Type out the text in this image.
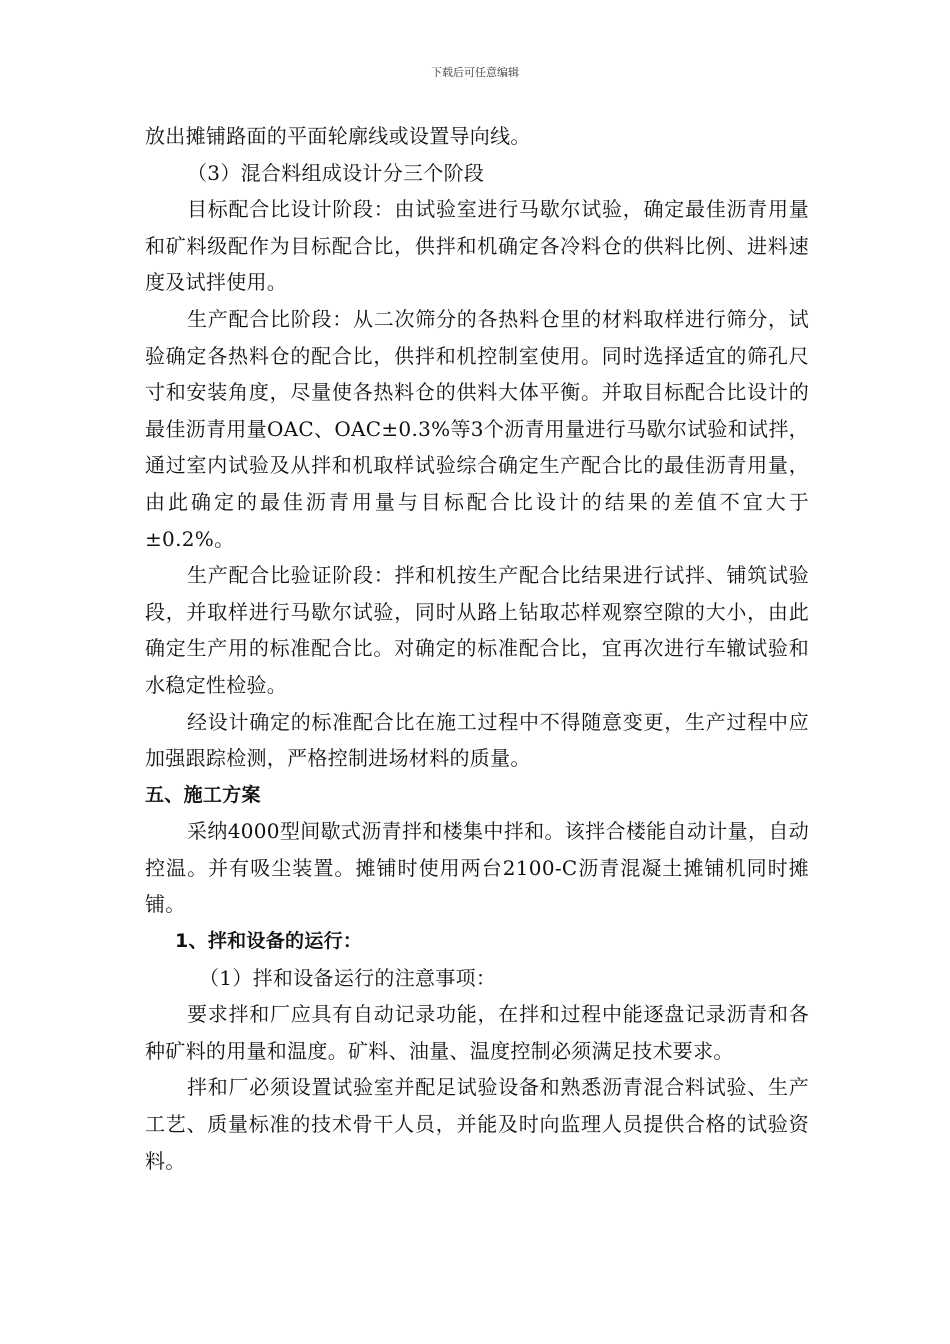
下载后可任意编辑

放出摊铺路面的平面轮廓线或设置导向线。

（3）混合料组成设计分三个阶段

目标配合比设计阶段：由试验室进行马歇尔试验，确定最佳沥青用量和矿料级配作为目标配合比，供拌和机确定各冷料仓的供料比例、进料速度及试拌使用。

生产配合比阶段：从二次筛分的各热料仓里的材料取样进行筛分，试验确定各热料仓的配合比，供拌和机控制室使用。同时选择适宜的筛孔尺寸和安装角度，尽量使各热料仓的供料大体平衡。并取目标配合比设计的最佳沥青用量OAC、OAC±0.3%等3个沥青用量进行马歇尔试验和试拌，通过室内试验及从拌和机取样试验综合确定生产配合比的最佳沥青用量，由此确定的最佳沥青用量与目标配合比设计的结果的差值不宜大于±0.2%。

生产配合比验证阶段：拌和机按生产配合比结果进行试拌、铺筑试验段，并取样进行马歇尔试验，同时从路上钻取芯样观察空隙的大小，由此确定生产用的标准配合比。对确定的标准配合比，宜再次进行车辙试验和水稳定性检验。

经设计确定的标准配合比在施工过程中不得随意变更，生产过程中应加强跟踪检测，严格控制进场材料的质量。

五、施工方案

采纳4000型间歇式沥青拌和楼集中拌和。该拌合楼能自动计量，自动控温。并有吸尘装置。摊铺时使用两台2100-C沥青混凝土摊铺机同时摊铺。

1、拌和设备的运行：

（1）拌和设备运行的注意事项：

要求拌和厂应具有自动记录功能，在拌和过程中能逐盘记录沥青和各种矿料的用量和温度。矿料、油量、温度控制必须满足技术要求。

拌和厂必须设置试验室并配足试验设备和熟悉沥青混合料试验、生产工艺、质量标准的技术骨干人员，并能及时向监理人员提供合格的试验资料。
